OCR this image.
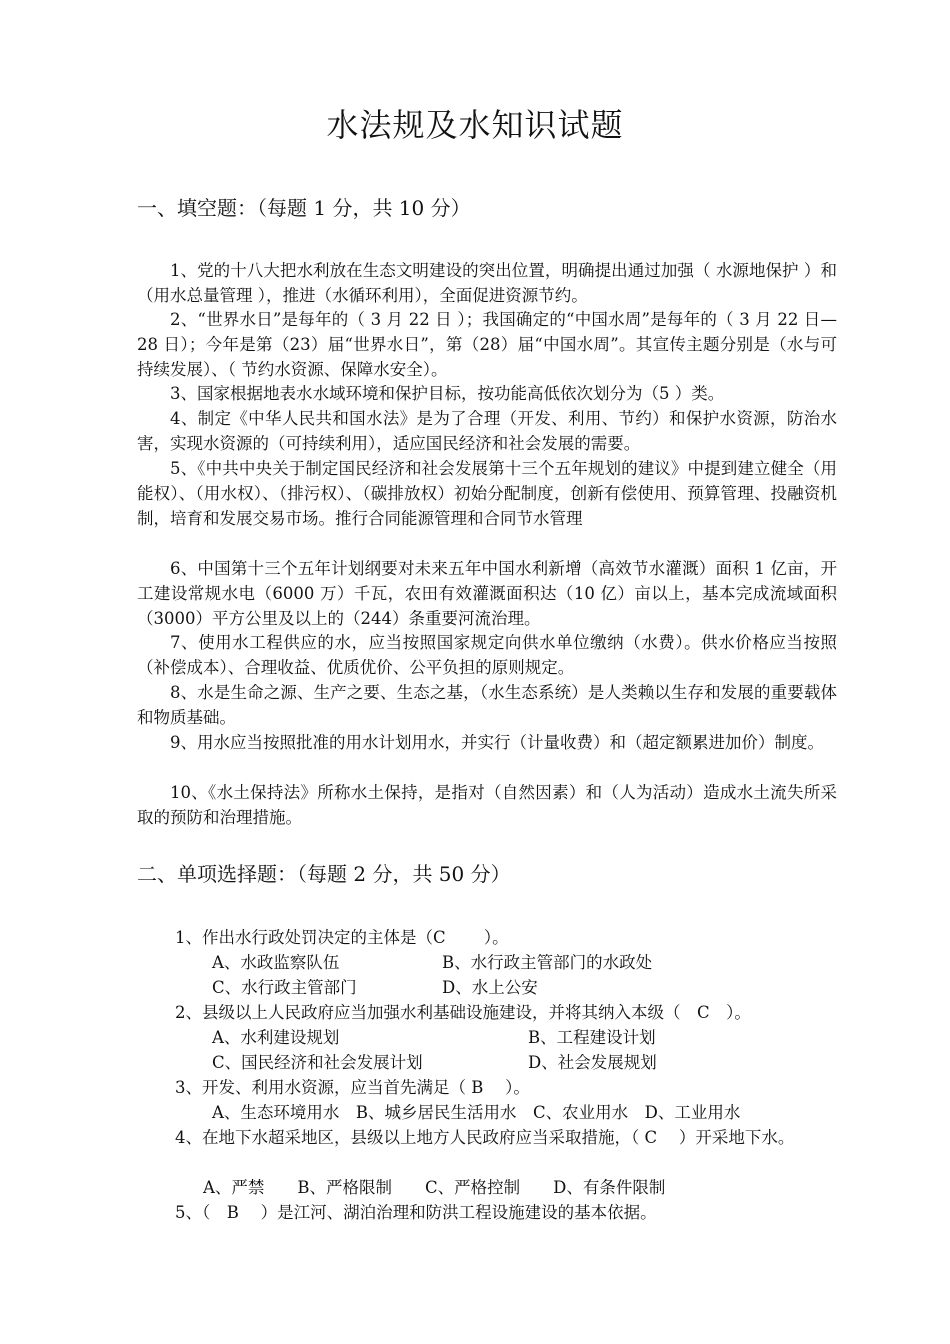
水法规及水知识试题
一、填空题：（每题 1 分，共 10 分）
1、党的十八大把水利放在生态文明建设的突出位置，明确提出通过加强（ 水源地保护 ）和（用水总量管理 ），推进（水循环利用），全面促进资源节约。
2、“世界水日”是每年的（ 3 月 22 日 ）；我国确定的“中国水周”是每年的（ 3 月 22 日—28 日）；今年是第（23）届“世界水日”，第（28）届“中国水周”。其宣传主题分别是（水与可持续发展）、（ 节约水资源、保障水安全）。
3、国家根据地表水水域环境和保护目标，按功能高低依次划分为（5 ）类。
4、制定《中华人民共和国水法》是为了合理（开发、利用、节约）和保护水资源，防治水害，实现水资源的（可持续利用），适应国民经济和社会发展的需要。
5、《中共中央关于制定国民经济和社会发展第十三个五年规划的建议》中提到建立健全（用能权）、（用水权）、（排污权）、（碳排放权）初始分配制度，创新有偿使用、预算管理、投融资机制，培育和发展交易市场。推行合同能源管理和合同节水管理
6、中国第十三个五年计划纲要对未来五年中国水利新增（高效节水灌溉）面积 1 亿亩，开工建设常规水电（6000 万）千瓦，农田有效灌溉面积达（10 亿）亩以上，基本完成流域面积（3000）平方公里及以上的（244）条重要河流治理。
7、使用水工程供应的水，应当按照国家规定向供水单位缴纳（水费）。供水价格应当按照（补偿成本）、合理收益、优质优价、公平负担的原则规定。
8、水是生命之源、生产之要、生态之基，（水生态系统）是人类赖以生存和发展的重要载体和物质基础。
9、用水应当按照批准的用水计划用水，并实行（计量收费）和（超定额累进加价）制度。
10、《水土保持法》所称水土保持，是指对（自然因素）和（人为活动）造成水土流失所采取的预防和治理措施。
二、单项选择题：（每题 2 分，共 50 分）
1、作出水行政处罚决定的主体是（C　　 ）。
A、水政监察队伍	B、水行政主管部门的水政处
C、水行政主管部门	D、水上公安
2、县级以上人民政府应当加强水利基础设施建设，并将其纳入本级（　C　）。
A、水利建设规划	B、工程建设计划
C、国民经济和社会发展计划	D、社会发展规划
3、开发、利用水资源，应当首先满足（ B　 ）。
A、生态环境用水　B、城乡居民生活用水　C、农业用水　D、工业用水
4、在地下水超采地区，县级以上地方人民政府应当采取措施，（ C　 ）开采地下水。
A、严禁　　B、严格限制　　C、严格控制　　D、有条件限制
5、（　B　 ）是江河、湖泊治理和防洪工程设施建设的基本依据。
